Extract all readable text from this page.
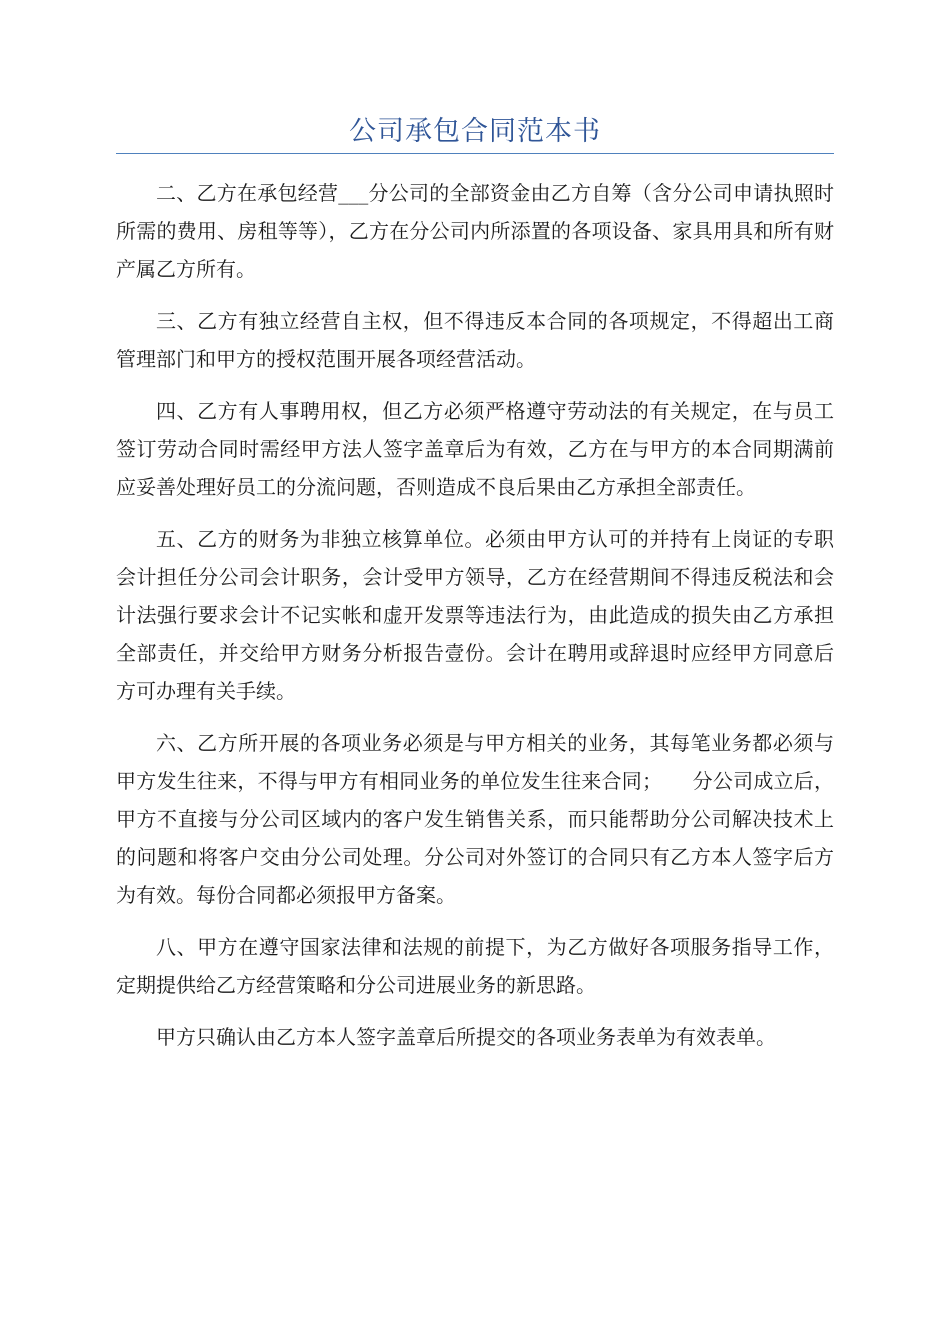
公司承包合同范本书

二、乙方在承包经营___分公司的全部资金由乙方自筹（含分公司申请执照时所需的费用、房租等等），乙方在分公司内所添置的各项设备、家具用具和所有财产属乙方所有。

三、乙方有独立经营自主权，但不得违反本合同的各项规定，不得超出工商管理部门和甲方的授权范围开展各项经营活动。

四、乙方有人事聘用权，但乙方必须严格遵守劳动法的有关规定，在与员工签订劳动合同时需经甲方法人签字盖章后为有效，乙方在与甲方的本合同期满前应妥善处理好员工的分流问题，否则造成不良后果由乙方承担全部责任。

五、乙方的财务为非独立核算单位。必须由甲方认可的并持有上岗证的专职会计担任分公司会计职务，会计受甲方领导，乙方在经营期间不得违反税法和会计法强行要求会计不记实帐和虚开发票等违法行为，由此造成的损失由乙方承担全部责任，并交给甲方财务分析报告壹份。会计在聘用或辞退时应经甲方同意后方可办理有关手续。

六、乙方所开展的各项业务必须是与甲方相关的业务，其每笔业务都必须与甲方发生往来，不得与甲方有相同业务的单位发生往来合同；　　分公司成立后，甲方不直接与分公司区域内的客户发生销售关系，而只能帮助分公司解决技术上的问题和将客户交由分公司处理。分公司对外签订的合同只有乙方本人签字后方为有效。每份合同都必须报甲方备案。

八、甲方在遵守国家法律和法规的前提下，为乙方做好各项服务指导工作，定期提供给乙方经营策略和分公司进展业务的新思路。

甲方只确认由乙方本人签字盖章后所提交的各项业务表单为有效表单。
